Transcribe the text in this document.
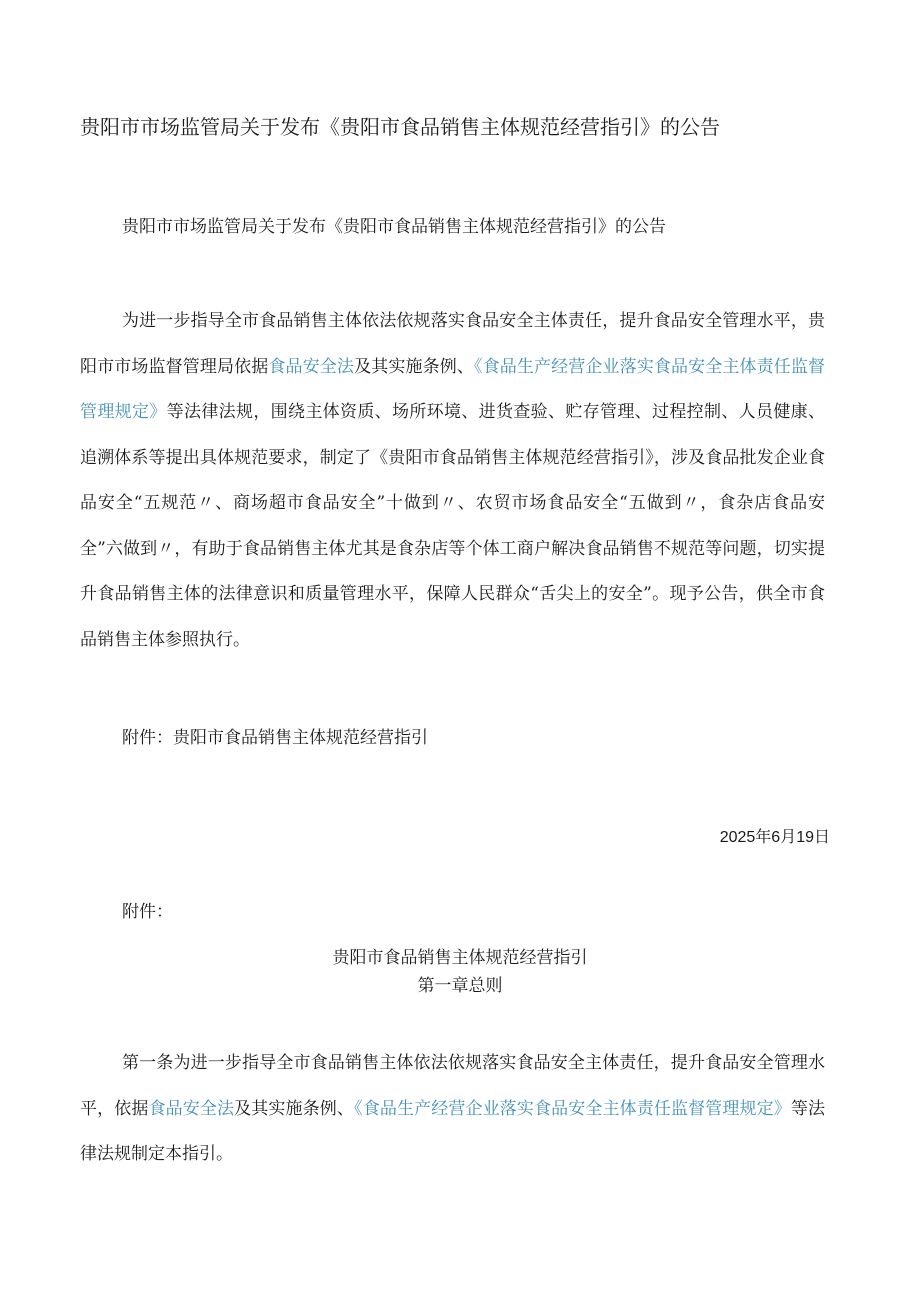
贵阳市市场监管局关于发布《贵阳市食品销售主体规范经营指引》的公告

贵阳市市场监管局关于发布《贵阳市食品销售主体规范经营指引》的公告

为进一步指导全市食品销售主体依法依规落实食品安全主体责任，提升食品安全管理水平，贵阳市市场监督管理局依据食品安全法及其实施条例、《食品生产经营企业落实食品安全主体责任监督管理规定》等法律法规，围绕主体资质、场所环境、进货查验、贮存管理、过程控制、人员健康、追溯体系等提出具体规范要求，制定了《贵阳市食品销售主体规范经营指引》，涉及食品批发企业食品安全“五规范〃、商场超市食品安全”十做到〃、农贸市场食品安全“五做到〃，食杂店食品安全”六做到〃，有助于食品销售主体尤其是食杂店等个体工商户解决食品销售不规范等问题，切实提升食品销售主体的法律意识和质量管理水平，保障人民群众“舌尖上的安全”。现予公告，供全市食品销售主体参照执行。

附件：贵阳市食品销售主体规范经营指引

2025年6月19日

附件：

贵阳市食品销售主体规范经营指引

第一章总则

第一条为进一步指导全市食品销售主体依法依规落实食品安全主体责任，提升食品安全管理水平，依据食品安全法及其实施条例、《食品生产经营企业落实食品安全主体责任监督管理规定》等法律法规制定本指引。
